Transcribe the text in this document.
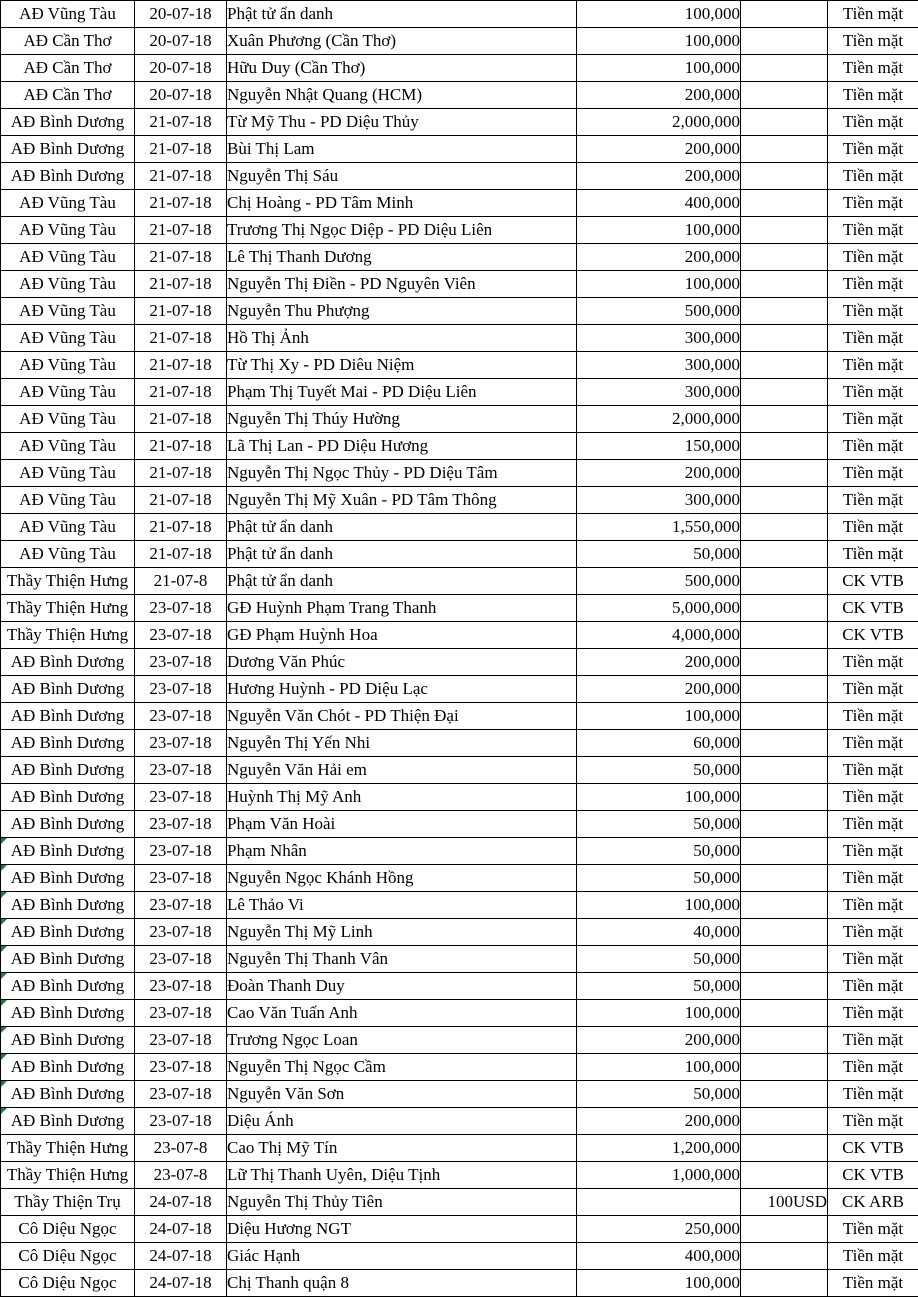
AĐ Vũng Tàu	20-07-18	Phật tử ẩn danh	100,000		Tiền mặt
AĐ Cần Thơ	20-07-18	Xuân Phương (Cần Thơ)	100,000		Tiền mặt
AĐ Cần Thơ	20-07-18	Hữu Duy (Cần Thơ)	100,000		Tiền mặt
AĐ Cần Thơ	20-07-18	Nguyễn Nhật Quang (HCM)	200,000		Tiền mặt
AĐ Bình Dương	21-07-18	Từ Mỹ Thu - PD Diệu Thủy	2,000,000		Tiền mặt
AĐ Bình Dương	21-07-18	Bùi Thị Lam	200,000		Tiền mặt
AĐ Bình Dương	21-07-18	Nguyễn Thị Sáu	200,000		Tiền mặt
AĐ Vũng Tàu	21-07-18	Chị Hoàng - PD Tâm Minh	400,000		Tiền mặt
AĐ Vũng Tàu	21-07-18	Trương Thị Ngọc Diệp - PD Diệu Liên	100,000		Tiền mặt
AĐ Vũng Tàu	21-07-18	Lê Thị Thanh Dương	200,000		Tiền mặt
AĐ Vũng Tàu	21-07-18	Nguyễn Thị Điền - PD Nguyên Viên	100,000		Tiền mặt
AĐ Vũng Tàu	21-07-18	Nguyễn Thu Phượng	500,000		Tiền mặt
AĐ Vũng Tàu	21-07-18	Hồ Thị Ảnh	300,000		Tiền mặt
AĐ Vũng Tàu	21-07-18	Từ Thị Xy - PD Diêu Niệm	300,000		Tiền mặt
AĐ Vũng Tàu	21-07-18	Phạm Thị Tuyết Mai - PD Diệu Liên	300,000		Tiền mặt
AĐ Vũng Tàu	21-07-18	Nguyễn Thị Thúy Hường	2,000,000		Tiền mặt
AĐ Vũng Tàu	21-07-18	Lã Thị Lan - PD Diệu Hương	150,000		Tiền mặt
AĐ Vũng Tàu	21-07-18	Nguyễn Thị Ngọc Thủy - PD Diệu Tâm	200,000		Tiền mặt
AĐ Vũng Tàu	21-07-18	Nguyễn Thị Mỹ Xuân - PD Tâm Thông	300,000		Tiền mặt
AĐ Vũng Tàu	21-07-18	Phật tử ẩn danh	1,550,000		Tiền mặt
AĐ Vũng Tàu	21-07-18	Phật tử ẩn danh	50,000		Tiền mặt
Thầy Thiện Hưng	21-07-8	Phật tử ẩn danh	500,000		CK VTB
Thầy Thiện Hưng	23-07-18	GĐ Huỳnh Phạm Trang Thanh	5,000,000		CK VTB
Thầy Thiện Hưng	23-07-18	GĐ Phạm Huỳnh Hoa	4,000,000		CK VTB
AĐ Bình Dương	23-07-18	Dương Văn Phúc	200,000		Tiền mặt
AĐ Bình Dương	23-07-18	Hương Huỳnh - PD Diệu Lạc	200,000		Tiền mặt
AĐ Bình Dương	23-07-18	Nguyễn Văn Chót - PD Thiện Đại	100,000		Tiền mặt
AĐ Bình Dương	23-07-18	Nguyễn Thị Yến Nhi	60,000		Tiền mặt
AĐ Bình Dương	23-07-18	Nguyễn Văn Hải em	50,000		Tiền mặt
AĐ Bình Dương	23-07-18	Huỳnh Thị Mỹ Anh	100,000		Tiền mặt
AĐ Bình Dương	23-07-18	Phạm Văn Hoài	50,000		Tiền mặt
AĐ Bình Dương	23-07-18	Phạm Nhân	50,000		Tiền mặt
AĐ Bình Dương	23-07-18	Nguyễn Ngọc Khánh Hồng	50,000		Tiền mặt
AĐ Bình Dương	23-07-18	Lê Thảo Vi	100,000		Tiền mặt
AĐ Bình Dương	23-07-18	Nguyễn Thị Mỹ Linh	40,000		Tiền mặt
AĐ Bình Dương	23-07-18	Nguyễn Thị Thanh Vân	50,000		Tiền mặt
AĐ Bình Dương	23-07-18	Đoàn Thanh Duy	50,000		Tiền mặt
AĐ Bình Dương	23-07-18	Cao Văn Tuấn Anh	100,000		Tiền mặt
AĐ Bình Dương	23-07-18	Trương Ngọc Loan	200,000		Tiền mặt
AĐ Bình Dương	23-07-18	Nguyễn Thị Ngọc Cầm	100,000		Tiền mặt
AĐ Bình Dương	23-07-18	Nguyễn Văn Sơn	50,000		Tiền mặt
AĐ Bình Dương	23-07-18	Diệu Ánh	200,000		Tiền mặt
Thầy Thiện Hưng	23-07-8	Cao Thị Mỹ Tín	1,200,000		CK VTB
Thầy Thiện Hưng	23-07-8	Lữ Thị Thanh Uyên, Diệu Tịnh	1,000,000		CK VTB
Thầy Thiện Trụ	24-07-18	Nguyễn Thị Thủy Tiên		100USD	CK ARB
Cô Diệu Ngọc	24-07-18	Diệu Hương NGT	250,000		Tiền mặt
Cô Diệu Ngọc	24-07-18	Giác Hạnh	400,000		Tiền mặt
Cô Diệu Ngọc	24-07-18	Chị Thanh quận 8	100,000		Tiền mặt
